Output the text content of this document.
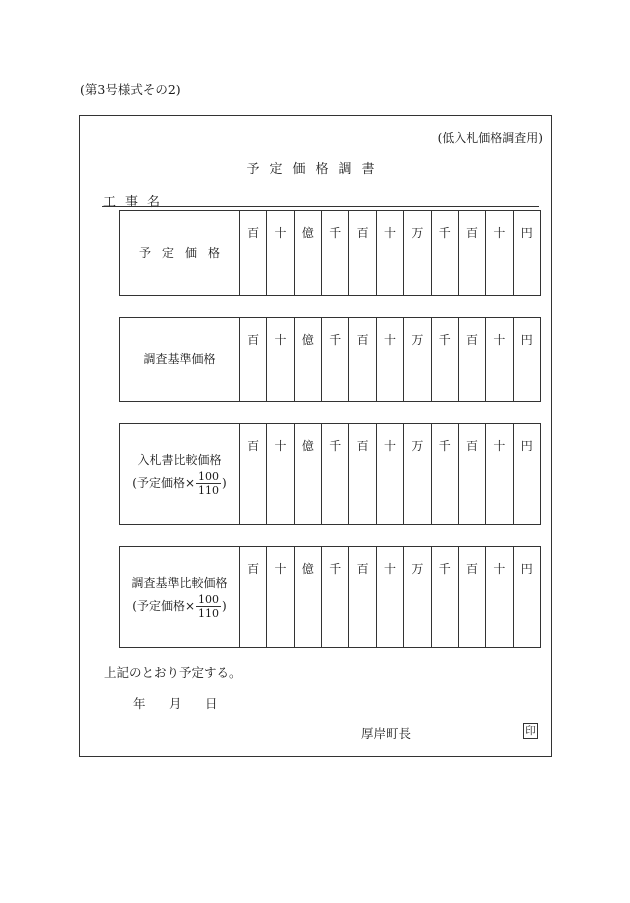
(第3号様式その2)
(低入札価格調査用)
予定価格調書
工事名
予定価格	百	十	億	千	百	十	万	千	百	十	円
調査基準価格	百	十	億	千	百	十	万	千	百	十	円
入札書比較価格
(予定価格× $\frac{100}{110}$ )	百	十	億	千	百	十	万	千	百	十	円
調査基準比較価格
(予定価格× $\frac{100}{110}$ )	百	十	億	千	百	十	万	千	百	十	円
上記のとおり予定する。
年 月 日
厚岸町長	印
